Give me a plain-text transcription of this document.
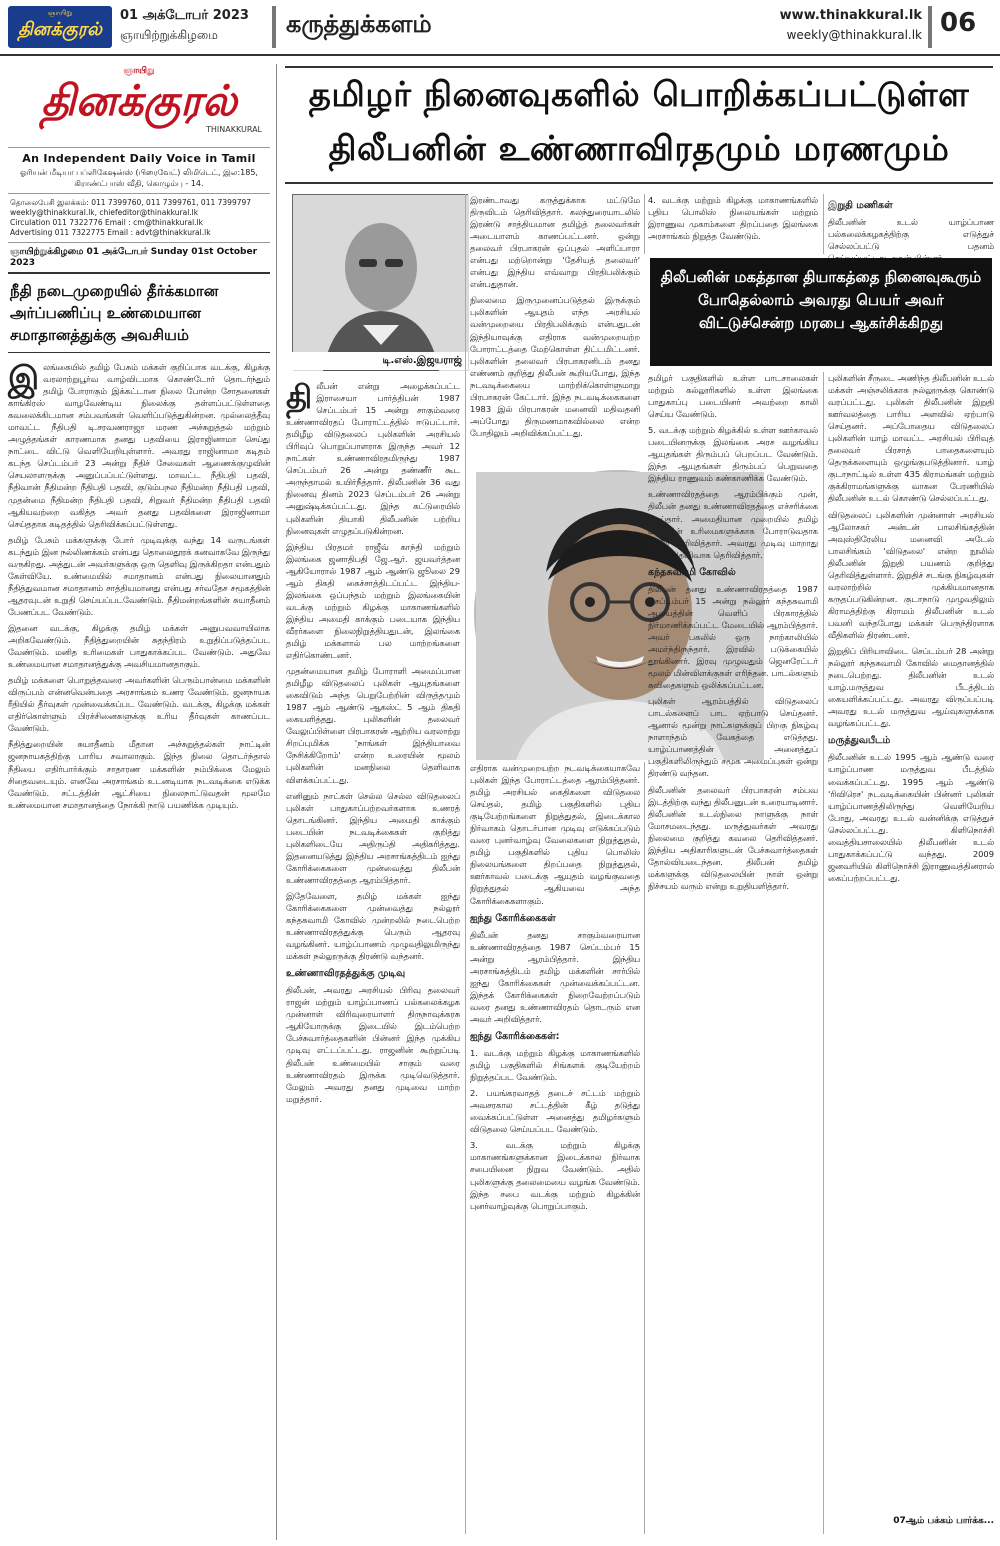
ஞாயிறு
தினக்குரல்
01 அக்டோபர் 2023
ஞாயிற்றுக்கிழமை	கருத்துக்களம்	www.thinakkural.lk
weekly@thinakkural.lk 06
ஞாயிறு
தினக்குரல்
THINAKKURAL
An Independent Daily Voice in Tamil
ஓரியன் மீடியா பப்ளிகேஷன்ஸ் (பிரைவேட்) லிமிடெட், இல:185, கிராண்ட்பாஸ் வீதி, கொழும்பு - 14.
தொலைபேசி இலக்கம்: 011 7399760, 011 7399761, 011 7399797
weekly@thinakkural.lk, chiefeditor@thinakkural.lk
Circulation 011 7322776 Email : cm@thinakkural.lk
Advertising 011 7322775 Email : advt@thinakkural.lk
ஞாயிற்றுக்கிழமை 01 அக்டோபர் Sunday 01st October 2023
நீதி நடைமுறையில் தீர்க்கமான அர்ப்பணிப்பு உண்மையான சமாதானத்துக்கு அவசியம்

இலங்கையில் தமிழ் பேசும் மக்கள் குறிப்பாக வடக்கு, கிழக்கு வரலாற்றுபூர்வ வாழ்விடமாக கொண்டோர் தொடர்ந்தும் தமிழ் போராகும் இக்கட்டான நிலை போன்ற சோதனைகள் காங்கிரஸ் வாழவேண்டிய நிலைக்கு தள்ளப்பட்டுள்ளதை கவலைக்கிடமான சம்பவங்கள் வெளிப்படுத்துகின்றன. முல்லைத்தீவு மாவட்ட நீதிபதி டி.சரவணராஜா மரண அச்சுறுத்தல் மற்றும் அழுத்தங்கள் காரணமாக தனது பதவியை இராஜினாமா செய்து நாட்டை விட்டு வெளியேறியுள்ளார். அவரது ராஜினாமா கடிதம் கடந்த செப்டம்பர் 23 அன்று நீதிச் சேவைகள் ஆணைக்குழுவின் செயலாளருக்கு அனுப்பப்பட்டுள்ளது. மாவட்ட நீதிபதி பதவி, நீதிவான் நீதிமன்ற நீதிபதி பதவி, குடும்பநல நீதிமன்ற நீதிபதி பதவி, முதன்மை நீதிமன்ற நீதிபதி பதவி, சிறுவர் நீதிமன்ற நீதிபதி பதவி ஆகியவற்றை வகித்த அவர் தனது பதவிகளை இராஜினாமா செய்ததாக கடிதத்தில் தெரிவிக்கப்பட்டுள்ளது.

தமிழ் பேசும் மக்களுக்கு போர் முடிவுக்கு வந்து 14 வருடங்கள் கடந்தும் இன நல்லிணக்கம் என்பது தொலைதூரக் கனவாகவே இருந்து வருகிறது. அத்துடன் அவர்களுக்கு ஒரு தெளிவு இருக்கிறதா என்பதும் கேள்வியே. உண்மையில் சமாதானம் என்பது நிலையானதும் நீதித்துவமான சமாதானம் சாத்தியமானது என்பது சர்வதேச சமூகத்தின் ஆதரவுடன் உறுதி செய்யப்படவேண்டும். நீதிமன்றங்களின் சுயாதீனம் பேணப்பட வேண்டும்.

இதனை வடக்கு, கிழக்கு தமிழ் மக்கள் அனுபவவாயிலாக அறிகவேண்டும். நீதித்துறையின் சுதந்திரம் உறுதிப்படுத்தப்பட வேண்டும். மனித உரிமைகள் பாதுகாக்கப்பட வேண்டும். அதுவே உண்மையான சமாதானத்துக்கு அவசியமானதாகும்.

தமிழ் மக்களை பொறுத்தவரை அவர்களின் பெரும்பான்மை மக்களின் விருப்பம் என்னவென்பதை அரசாங்கம் உணர வேண்டும். ஜனநாயக ரீதியில் தீர்வுகள் முன்வைக்கப்பட வேண்டும். வடக்கு, கிழக்கு மக்கள் எதிர்கொள்ளும் பிரச்சினைகளுக்கு உரிய தீர்வுகள் காணப்பட வேண்டும்.

நீதித்துறையின் சுயாதீனம் மீதான அச்சுறுத்தல்கள் நாட்டின் ஜனநாயகத்திற்கு பாரிய சவாலாகும். இந்த நிலை தொடர்ந்தால் நீதியை எதிர்பார்க்கும் சாதாரண மக்களின் நம்பிக்கை மேலும் சிதைவடையும். எனவே அரசாங்கம் உடனடியாக நடவடிக்கை எடுக்க வேண்டும். சட்டத்தின் ஆட்சியை நிலைநாட்டுவதன் மூலமே உண்மையான சமாதானத்தை நோக்கி நாடு பயணிக்க முடியும்.

தமிழர் நினைவுகளில் பொறிக்கப்பட்டுள்ள
திலீபனின் உண்ணாவிரதமும் மரணமும்
டி.எஸ்.இஜயராஜ்

திலீபன் என்று அழைக்கப்பட்ட இராசையா பார்த்திபன் 1987 செப்டம்பர் 15 அன்று சாகும்வரை உண்ணாவிரதப் போராட்டத்தில் ஈடுபட்டார். தமிழீழ விடுதலைப் புலிகளின் அரசியல் பிரிவுப் பொறுப்பாளராக இருந்த அவர் 12 நாட்கள் உண்ணாவிரதமிருந்து 1987 செப்டம்பர் 26 அன்று தண்ணீர் கூட அருந்தாமல் உயிர்நீத்தார். திலீபனின் 36 வது நினைவு தினம் 2023 செப்டம்பர் 26 அன்று அனுஷ்டிக்கப்பட்டது. இந்த கட்டுரையில் புலிகளின் தியாகி திலீபனின் பற்றிய நினைவுகள் எழுதப்படுகின்றன.

இந்திய பிரதமர் ராஜீவ் காந்தி மற்றும் இலங்கை ஜனாதிபதி ஜே.ஆர். ஜயவர்த்தன ஆகியோரால் 1987 ஆம் ஆண்டு ஜூலை 29 ஆம் திகதி கைச்சாத்திடப்பட்ட இந்திய-இலங்கை ஒப்பந்தம் மற்றும் இலங்கையின் வடக்கு மற்றும் கிழக்கு மாகாணங்களில் இந்திய அமைதி காக்கும் படையாக இந்திய வீரர்களை நிலைநிறுத்தியதுடன், இலங்கை தமிழ் மக்களால் பல மாற்றங்களை எதிர்கொண்டனர்.

முதன்மையான தமிழ் போராளி அமைப்பான தமிழீழ விடுதலைப் புலிகள் ஆயுதங்களை கைவிடும் அந்த பெறுபேற்றின் விருத்தமும் 1987 ஆம் ஆண்டு ஆகஸ்ட் 5 ஆம் திகதி கையளித்தது. புலிகளின் தலைவர் வேலுப்பிள்ளை பிரபாகரன் ஆற்றிய வரலாற்று சிறப்புமிக்க 'நாங்கள் இந்தியாவை நேசிக்கிறோம்' என்ற உரையின் மூலம் புலிகளின் மனநிலை தெளிவாக விளக்கப்பட்டது.

எனினும் நாட்கள் செல்ல செல்ல விடுதலைப் புலிகள் பாதுகாப்பற்றவர்களாக உணரத் தொடங்கினர். இந்திய அமைதி காக்கும் படையின் நடவடிக்கைகள் குறித்து புலிகளிடையே அதிருப்தி அதிகரித்தது. இதனையடுத்து இந்திய அரசாங்கத்திடம் ஐந்து கோரிக்கைகளை முன்வைத்து திலீபன் உண்ணாவிரதத்தை ஆரம்பித்தார்.

இதேவேளை, தமிழ் மக்கள் ஐந்து கோரிக்கைகளை முன்வைத்து நல்லூர் கந்தசுவாமி கோவில் முன்றலில் நடைபெற்ற உண்ணாவிரதத்துக்கு பெரும் ஆதரவு வழங்கினர். யாழ்ப்பாணம் முழுவதிலுமிருந்து மக்கள் நல்லூருக்கு திரண்டு வந்தனர்.

உண்ணாவிரதத்துக்கு முடிவு

திலீபன், அவரது அரசியல் பிரிவு தலைவர் ராஜன் மற்றும் யாழ்ப்பாணப் பல்கலைக்கழக முன்னாள் விரிவுரையாளர் திருநாவுக்கரசு ஆகியோருக்கு இடையில் இடம்பெற்ற பேச்சுவார்த்தைகளின் பின்னர் இந்த முக்கிய முடிவு எட்டப்பட்டது. ராஜனின் கூற்றுப்படி திலீபன் உண்மையில் சாகும் வரை உண்ணாவிரதம் இருக்க முடிவெடுத்தார். மேலும் அவரது தனது முடிவை மாற்ற மறுத்தார்.

இரண்டாவது கருத்துக்காக மட்டுமே திருவிடம் தெரிவித்தார். கலந்துரையாடலில் இரண்டு சாத்தியமான தமிழ்த் தலைவர்கள் அடையாளம் காணப்பட்டனர். ஒன்று தலைவர் பிரபாகரன் ஒப்புதல் அளிப்பாரா என்பது மற்றொன்று 'தேசியத் தலைவர்' என்பது இந்திய எவ்வாறு பிரதிபலிக்கும் என்பதுதான்.

நிலைமை இருமுனைப்படுத்தல் இருக்கும் புலிகளின் ஆயுதம் எந்த அரசியல் வன்முறையை பிரதிபலிக்கும் என்பதுடன் இந்தியாவுக்கு எதிராக வன்முறையற்ற போராட்டத்தை மேற்கொள்ள திட்டமிட்டனர். புலிகளின் தலைவர் பிரபாகரனிடம் தனது எண்ணம் குறித்து திலீபன் கூறியபோது, இந்த நடவடிக்கையை மாற்றிக்கொள்ளுமாறு பிரபாகரன் கேட்டார். இந்த நடவடிக்கைகளை 1983 இல் பிரபாகரன் மனைவி மதிவதனி அப்போது திருமணமாகவில்லை என்ற போதிலும் அறிவிக்கப்பட்டது.

எதிராக வன்முறையற்ற நடவடிக்கையாகவே புலிகள் இந்த போராட்டத்தை ஆரம்பித்தனர். தமிழ் அரசியல் கைதிகளை விடுதலை செய்தல், தமிழ் பகுதிகளில் புதிய குடியேற்றங்களை நிறுத்துதல், இடைக்கால நிர்வாகம் தொடர்பான முடிவு எடுக்கப்படும் வரை புனர்வாழ்வு வேலைகளை நிறுத்துதல், தமிழ் பகுதிகளில் புதிய பொலிஸ் நிலையங்களை திறப்பதை நிறுத்துதல், ஊர்காவல் படைக்கு ஆயுதம் வழங்குவதை நிறுத்துதல் ஆகியவை அந்த கோரிக்கைகளாகும்.

ஐந்து கோரிக்கைகள்

திலீபன் தனது சாகும்வரையான உண்ணாவிரதத்தை 1987 செப்டம்பர் 15 அன்று ஆரம்பித்தார். இந்திய அரசாங்கத்திடம் தமிழ் மக்களின் சார்பில் ஐந்து கோரிக்கைகள் முன்வைக்கப்பட்டன. இந்தக் கோரிக்கைகள் நிறைவேற்றப்படும் வரை தனது உண்ணாவிரதம் தொடரும் என அவர் அறிவித்தார்.

ஐந்து கோரிக்கைகள்:

1. வடக்கு மற்றும் கிழக்கு மாகாணங்களில் தமிழ் பகுதிகளில் சிங்களக் குடியேற்றம் நிறுத்தப்பட வேண்டும்.

2. பயங்கரவாதத் தடைச் சட்டம் மற்றும் அவசரகால சட்டத்தின் கீழ் தடுத்து வைக்கப்பட்டுள்ள அனைத்து தமிழர்களும் விடுதலை செய்யப்பட வேண்டும்.

3. வடக்கு மற்றும் கிழக்கு மாகாணங்களுக்கான இடைக்கால நிர்வாக சபையினை நிறுவ வேண்டும். அதில் புலிகளுக்கு தலைமையை வழங்க வேண்டும். இந்த சபை வடக்கு மற்றும் கிழக்கின் புனர்வாழ்வுக்கு பொறுப்பாகும்.

4. வடக்கு மற்றும் கிழக்கு மாகாணங்களில் புதிய பொலிஸ் நிலையங்கள் மற்றும் இராணுவ முகாம்களை திறப்பதை இலங்கை அரசாங்கம் நிறுத்த வேண்டும்.

இறுதி மணிகள்

திலீபனின் உடல் யாழ்ப்பாண பல்கலைக்கழகத்திற்கு எடுத்துச் செல்லப்பட்டு பதனம்

திலீபனின் மகத்தான தியாகத்தை நினைவுகூரும் போதெல்லாம் அவரது பெயர் அவர் விட்டுச்சென்ற மரபை ஆகர்சிக்கிறது

தமிழர் பகுதிகளில் உள்ள பாடசாலைகள் மற்றும் கல்லூரிகளில் உள்ள இலங்கை பாதுகாப்பு படையினர் அவற்றை காலி செய்ய வேண்டும்.

5. வடக்கு மற்றும் கிழக்கில் உள்ள ஊர்காவல் படையினருக்கு இலங்கை அரச வழங்கிய ஆயுதங்கள் திரும்பப் பெறப்பட வேண்டும். இந்த ஆயுதங்கள் திரும்பப் பெறுவதை இந்திய ராணுவம் கண்காணிக்க வேண்டும்.

உண்ணாவிரதத்தை ஆரம்பிக்கும் முன், திலீபன் தனது உண்ணாவிரதத்தை எச்சரிக்கை செய்தார். அமைதியான முறையில் தமிழ் மக்களின் உரிமைகளுக்காக போராடுவதாக அவர் அறிவித்தார். அவரது முடிவு மாறாது என்று தெளிவாக தெரிவித்தார்.

கந்தசுவாமி கோவில்

திலீபன் தனது உண்ணாவிரதத்தை 1987 செப்டம்பர் 15 அன்று நல்லூர் கந்தசுவாமி ஆலயத்தின் வெளிப் பிரகாரத்தில் நிர்மாணிக்கப்பட்ட மேடையில் ஆரம்பித்தார். அவர் பகலில் ஒரு நாற்காலியில் அமர்ந்திருந்தார். இரவில் படுக்கையில் தூங்கினார். இரவு முழுவதும் ஜெனரேட்டர் மூலம் மின்விளக்குகள் எரிந்தன. பாடல்களும் கவிதைகளும் ஒலிக்கப்பட்டன.

புலிகள் ஆரம்பத்தில் விடுதலைப் பாடல்களைப் பாட ஏற்பாடு செய்தனர். ஆனால் மூன்று நாட்களுக்குப் பிறகு நிகழ்வு நாளாந்தம் வேகத்தை எடுத்தது. யாழ்ப்பாணத்தின் அனைத்துப் பகுதிகளிலிருந்தும் சமூக அமைப்புகள் ஒன்று திரண்டு வந்தன.

திலீபனின் தலைவர் பிரபாகரன் சம்பவ இடத்திற்கு வந்து திலீபனுடன் உரையாடினார். திலீபனின் உடல்நிலை நாளுக்கு நாள் மோசமடைந்தது. மருத்துவர்கள் அவரது நிலைமை குறித்து கவலை தெரிவித்தனர். இந்திய அதிகாரிகளுடன் பேச்சுவார்த்தைகள் தோல்வியடைந்தன. திலீபன் தமிழ் மக்களுக்கு விடுதலையின் நாள் ஒன்று நிச்சயம் வரும் என்று உறுதியளித்தார்.

புலிகளின் சீருடை அணிந்த திலீபனின் உடல் மக்கள் அஞ்சலிக்காக நல்லூருக்கு கொண்டு வரப்பட்டது. புலிகள் திலீபனின் இறுதி ஊர்வலத்தை பாரிய அளவில் ஏற்பாடு செய்தனர். அப்போதைய விடுதலைப் புலிகளின் யாழ் மாவட்ட அரசியல் பிரிவுத் தலைவர் பிரசாத் பாதைகளையும் தெருக்களையும் ஒழுங்குபடுத்தினார். யாழ் குடாநாட்டில் உள்ள 435 கிராமங்கள் மற்றும் குக்கிராமங்களுக்கு வாகன பேரணியில் திலீபனின் உடல் கொண்டு செல்லப்பட்டது.

விடுதலைப் புலிகளின் முன்னாள் அரசியல் ஆலோசகர் அன்டன் பாலசிங்கத்தின் அவுஸ்திரேலிய மனைவி அடேல் பாலசிங்கம் 'விடுதலை' என்ற நூலில் திலீபனின் இறுதி பயணம் குறித்து தெரிவித்துள்ளார். இறுதிச் சடங்கு நிகழ்வுகள் வரலாற்றில் முக்கியமானதாக கருதப்படுகின்றன. குடாநாடு முழுவதிலும் கிராமத்திற்கு கிராமம் திலீபனின் உடல் பவனி வந்தபோது மக்கள் பெருந்திரளாக வீதிகளில் திரண்டனர்.

இறுதிப் பிரியாவிடை செப்டம்பர் 28 அன்று நல்லூர் கந்தசுவாமி கோவில் மைதானத்தில் நடைபெற்றது. திலீபனின் உடல் யாழ்.மருத்துவ பீடத்திடம் கையளிக்கப்பட்டது. அவரது விருப்பப்படி அவரது உடல் மருத்துவ ஆய்வுகளுக்காக வழங்கப்பட்டது.

மருத்துவபீடம்

திலீபனின் உடல் 1995 ஆம் ஆண்டு வரை யாழ்ப்பாண மருத்துவ பீடத்தில் வைக்கப்பட்டது. 1995 ஆம் ஆண்டு 'ரிவிரெச' நடவடிக்கையின் பின்னர் புலிகள் யாழ்ப்பாணத்திலிருந்து வெளியேறிய போது, அவரது உடல் வன்னிக்கு எடுத்துச் செல்லப்பட்டது. கிளிநொச்சி வைத்தியசாலையில் திலீபனின் உடல் பாதுகாக்கப்பட்டு வந்தது. 2009 ஜனவரியில் கிளிநொச்சி இராணுவத்தினரால் கைப்பற்றப்பட்டது.

07ஆம் பக்கம் பார்க்க...
